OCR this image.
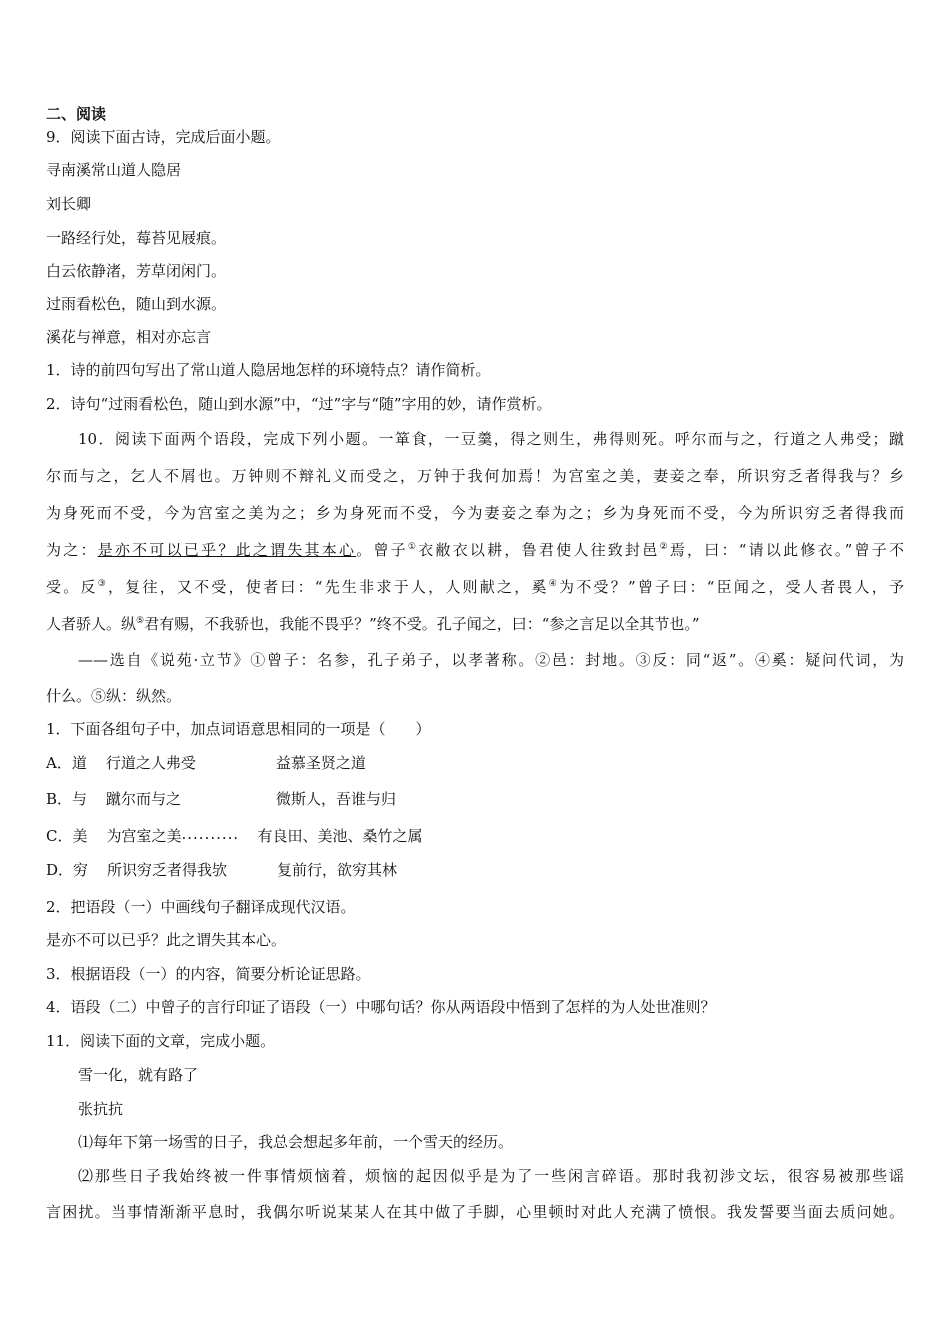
二、阅读
9．阅读下面古诗，完成后面小题。
寻南溪常山道人隐居
刘长卿
一路经行处，莓苔见屐痕。
白云依静渚，芳草闭闲门。
过雨看松色，随山到水源。
溪花与禅意，相对亦忘言
1．诗的前四句写出了常山道人隐居地怎样的环境特点？请作简析。
2．诗句“过雨看松色，随山到水源”中，“过”字与“随”字用的妙，请作赏析。
10．阅读下面两个语段，完成下列小题。一箪食，一豆羹，得之则生，弗得则死。呼尔而与之，行道之人弗受；蹴
尔而与之，乞人不屑也。万钟则不辩礼义而受之，万钟于我何加焉！为宫室之美，妻妾之奉，所识穷乏者得我与？乡
为身死而不受，今为宫室之美为之；乡为身死而不受，今为妻妾之奉为之；乡为身死而不受，今为所识穷乏者得我而
为之：是亦不可以已乎？此之谓失其本心。曾子①衣敝衣以耕，鲁君使人往致封邑②焉，曰：“请以此修衣。”曾子不
受。反③，复往，又不受，使者曰：“先生非求于人，人则献之，奚④为不受？”曾子曰：“臣闻之，受人者畏人，予
人者骄人。纵⑤君有赐，不我骄也，我能不畏乎？”终不受。孔子闻之，曰：“参之言足以全其节也。”
——选自《说苑·立节》①曾子：名参，孔子弟子，以孝著称。②邑：封地。③反：同“返”。④奚：疑问代词，为
什么。⑤纵：纵然。
1．下面各组句子中，加点词语意思相同的一项是（　　）
A．道 行道之人弗受	益慕圣贤之道
B．与 蹴尔而与之	微斯人，吾谁与归
C．美 为宫室之美.......... 有良田、美池、桑竹之属
D．穷 所识穷乏者得我欤	复前行，欲穷其林
2．把语段（一）中画线句子翻译成现代汉语。
是亦不可以已乎？此之谓失其本心。
3．根据语段（一）的内容，简要分析论证思路。
4．语段（二）中曾子的言行印证了语段（一）中哪句话？你从两语段中悟到了怎样的为人处世准则？
11．阅读下面的文章，完成小题。
雪一化，就有路了
张抗抗
⑴每年下第一场雪的日子，我总会想起多年前，一个雪天的经历。
⑵那些日子我始终被一件事情烦恼着，烦恼的起因似乎是为了一些闲言碎语。那时我初涉文坛，很容易被那些谣
言困扰。当事情渐渐平息时，我偶尔听说某某人在其中做了手脚，心里顿时对此人充满了愤恨。我发誓要当面去质问她。
